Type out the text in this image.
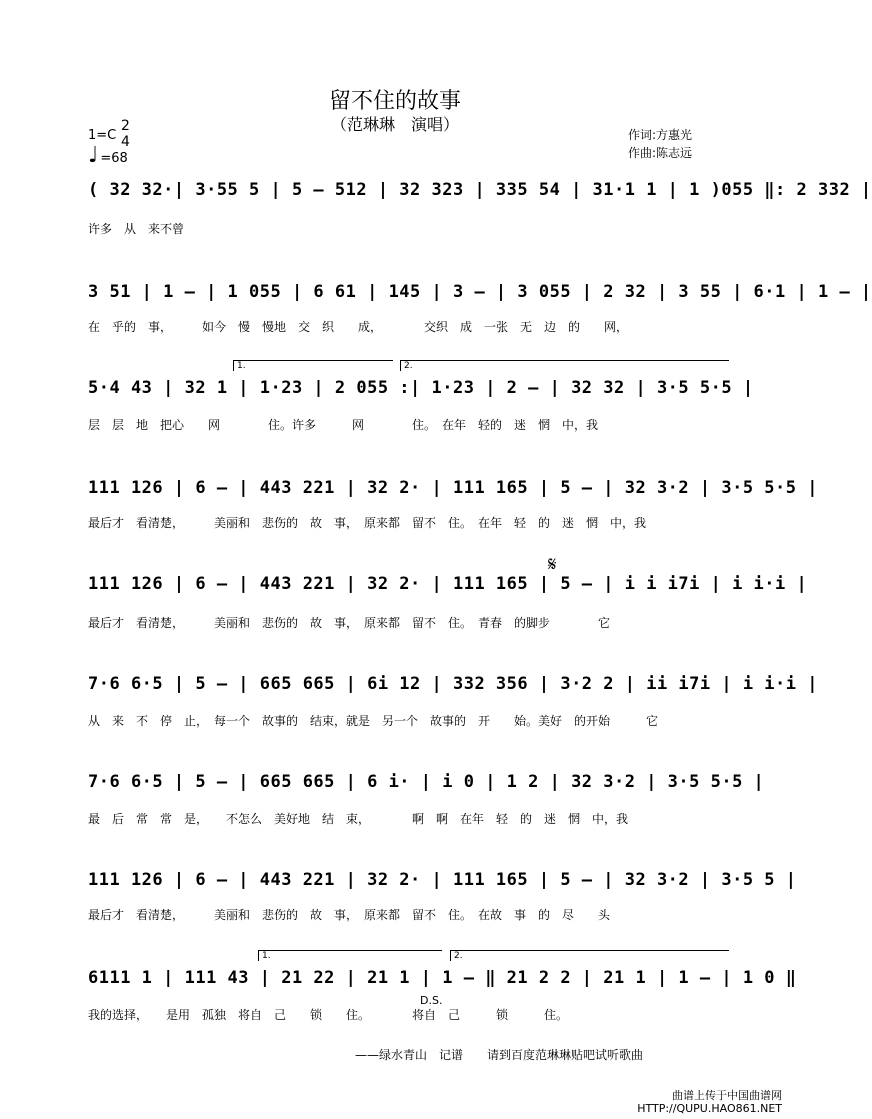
留不住的故事
（范琳琳　演唱）
1=C
2
4
♩ =68
作词:方惠光
作曲:陈志远
( 32 32·| 3·55 5 | 5 — 512 | 32 323 | 335 54 | 31·1 1 | 1 )055 ‖: 2 332 |
许多　从　来不曾
3 51 | 1 — | 1 055 | 6 61 | 145 | 3 — | 3 055 | 2 32 | 3 55 | 6·1 | 1 — |
在　乎的　事，　　　如今　慢　慢地　交　织　　成，　　　　交织　成　一张　无　边　的　　网，
1.	2.
5·4 43 | 32 1 | 1·23 | 2 055 :| 1·23 | 2 — | 32 32 | 3·5 5·5 |
层　层　地　把心　　网　　　　住。许多　　　网　　　　住。　在年　轻的　迷　惘　中，我
111 126 | 6 — | 443 221 | 32 2· | 111 165 | 5 — | 32 3·2 | 3·5 5·5 |
最后才　看清楚，　　　美丽和　悲伤的　故　事，　原来都　留不　住。　在年　轻　的　迷　惘　中，我
𝄋
111 126 | 6 — | 443 221 | 32 2· | 111 165 | 5 — | i i i7i | i i·i |
最后才　看清楚，　　　美丽和　悲伤的　故　事，　原来都　留不　住。　青春　的脚步　　　　它
7·6 6·5 | 5 — | 665 665 | 6i 12 | 332 356 | 3·2 2 | ii i7i | i i·i |
从　来　不　停　止，　每一个　故事的　结束，就是　另一个　故事的　开　　始。美好　的开始　　　它
7·6 6·5 | 5 — | 665 665 | 6 i· | i 0 | 1 2 | 32 3·2 | 3·5 5·5 |
最　后　常　常　是，　　不怎么　美好地　结　束，　　　　啊　啊　在年　轻　的　迷　惘　中，我
111 126 | 6 — | 443 221 | 32 2· | 111 165 | 5 — | 32 3·2 | 3·5 5 |
最后才　看清楚，　　　美丽和　悲伤的　故　事，　原来都　留不　住。　在故　事　的　尽　　头
1.	2.
6111 1 | 111 43 | 21 22 | 21 1 | 1 — ‖ 21 2 2 | 21 1 | 1 — | 1 0 ‖
我的选择，　　是用　孤独　将自　己　　锁　　住。　　　　将自　己　　　锁　　　住。
D.S.
——绿水青山　记谱　　请到百度范琳琳贴吧试听歌曲
曲谱上传于中国曲谱网
HTTP://QUPU.HAO861.NET
